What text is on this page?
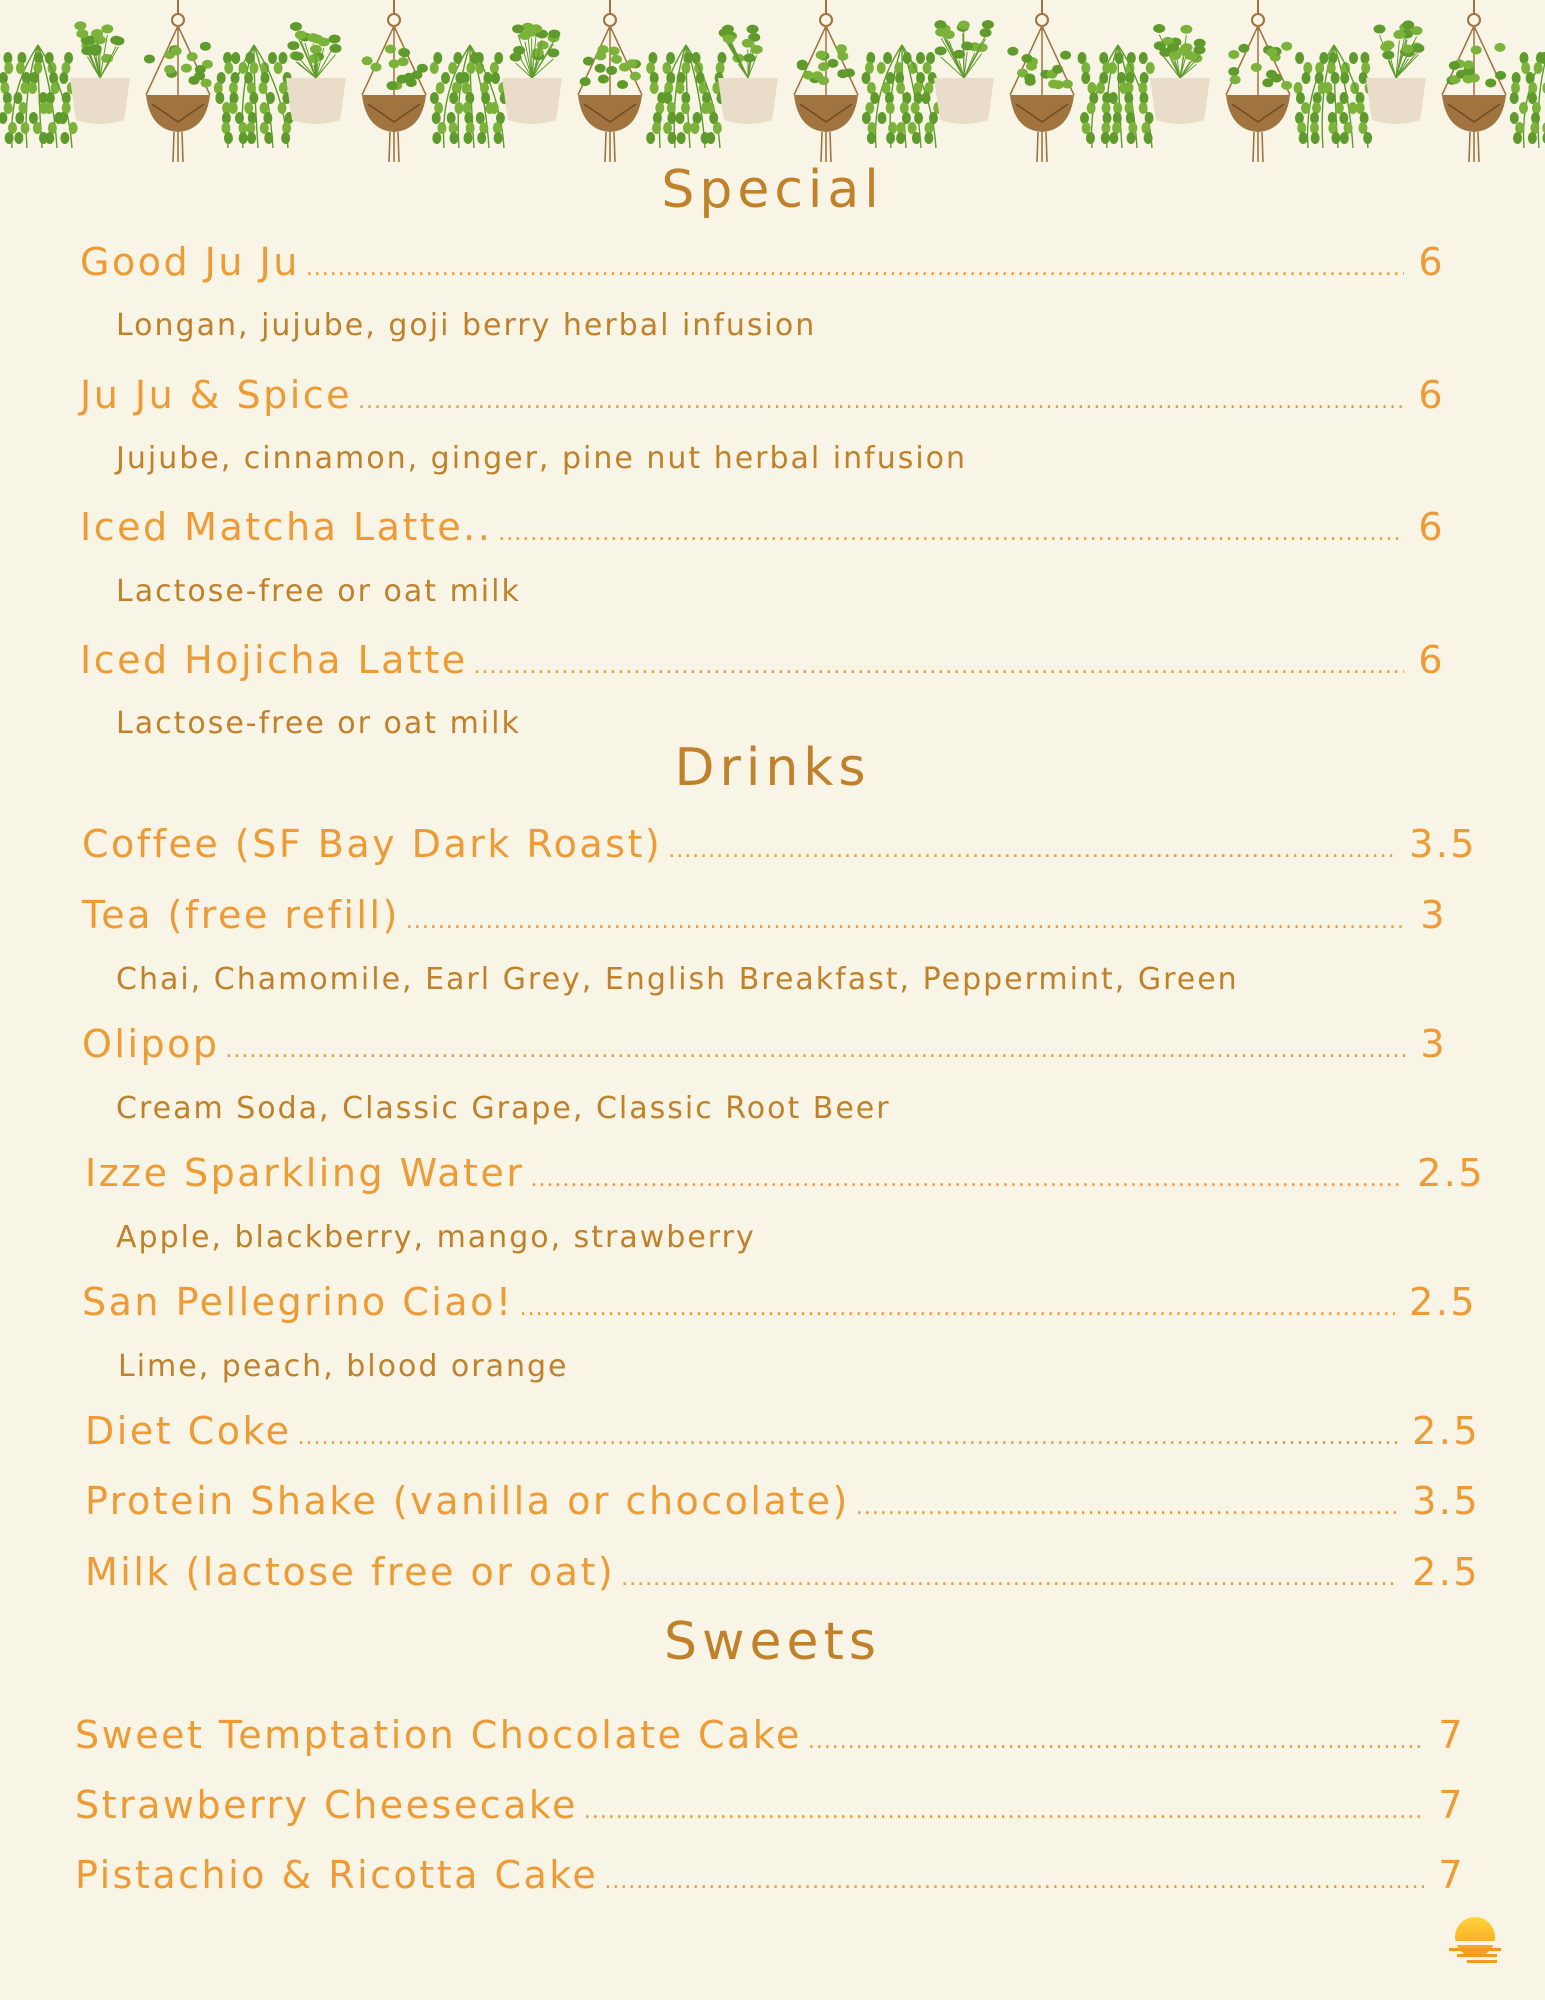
Special
Good Ju Ju .....	6
Longan, jujube, goji berry herbal infusion
Ju Ju & Spice .....	6
Jujube, cinnamon, ginger, pine nut herbal infusion
Iced Matcha Latte.. .....	6
Lactose-free or oat milk
Iced Hojicha Latte .....	6
Lactose-free or oat milk
Drinks
Coffee (SF Bay Dark Roast) .....	3.5
Tea (free refill) .....	3
Chai, Chamomile, Earl Grey, English Breakfast, Peppermint, Green
Olipop .....	3
Cream Soda, Classic Grape, Classic Root Beer
Izze Sparkling Water .....	2.5
Apple, blackberry, mango, strawberry
San Pellegrino Ciao! .....	2.5
Lime, peach, blood orange
Diet Coke .....	2.5
Protein Shake (vanilla or chocolate) .....	3.5
Milk (lactose free or oat) .....	2.5
Sweets
Sweet Temptation Chocolate Cake .....	7
Strawberry Cheesecake .....	7
Pistachio & Ricotta Cake .....	7
